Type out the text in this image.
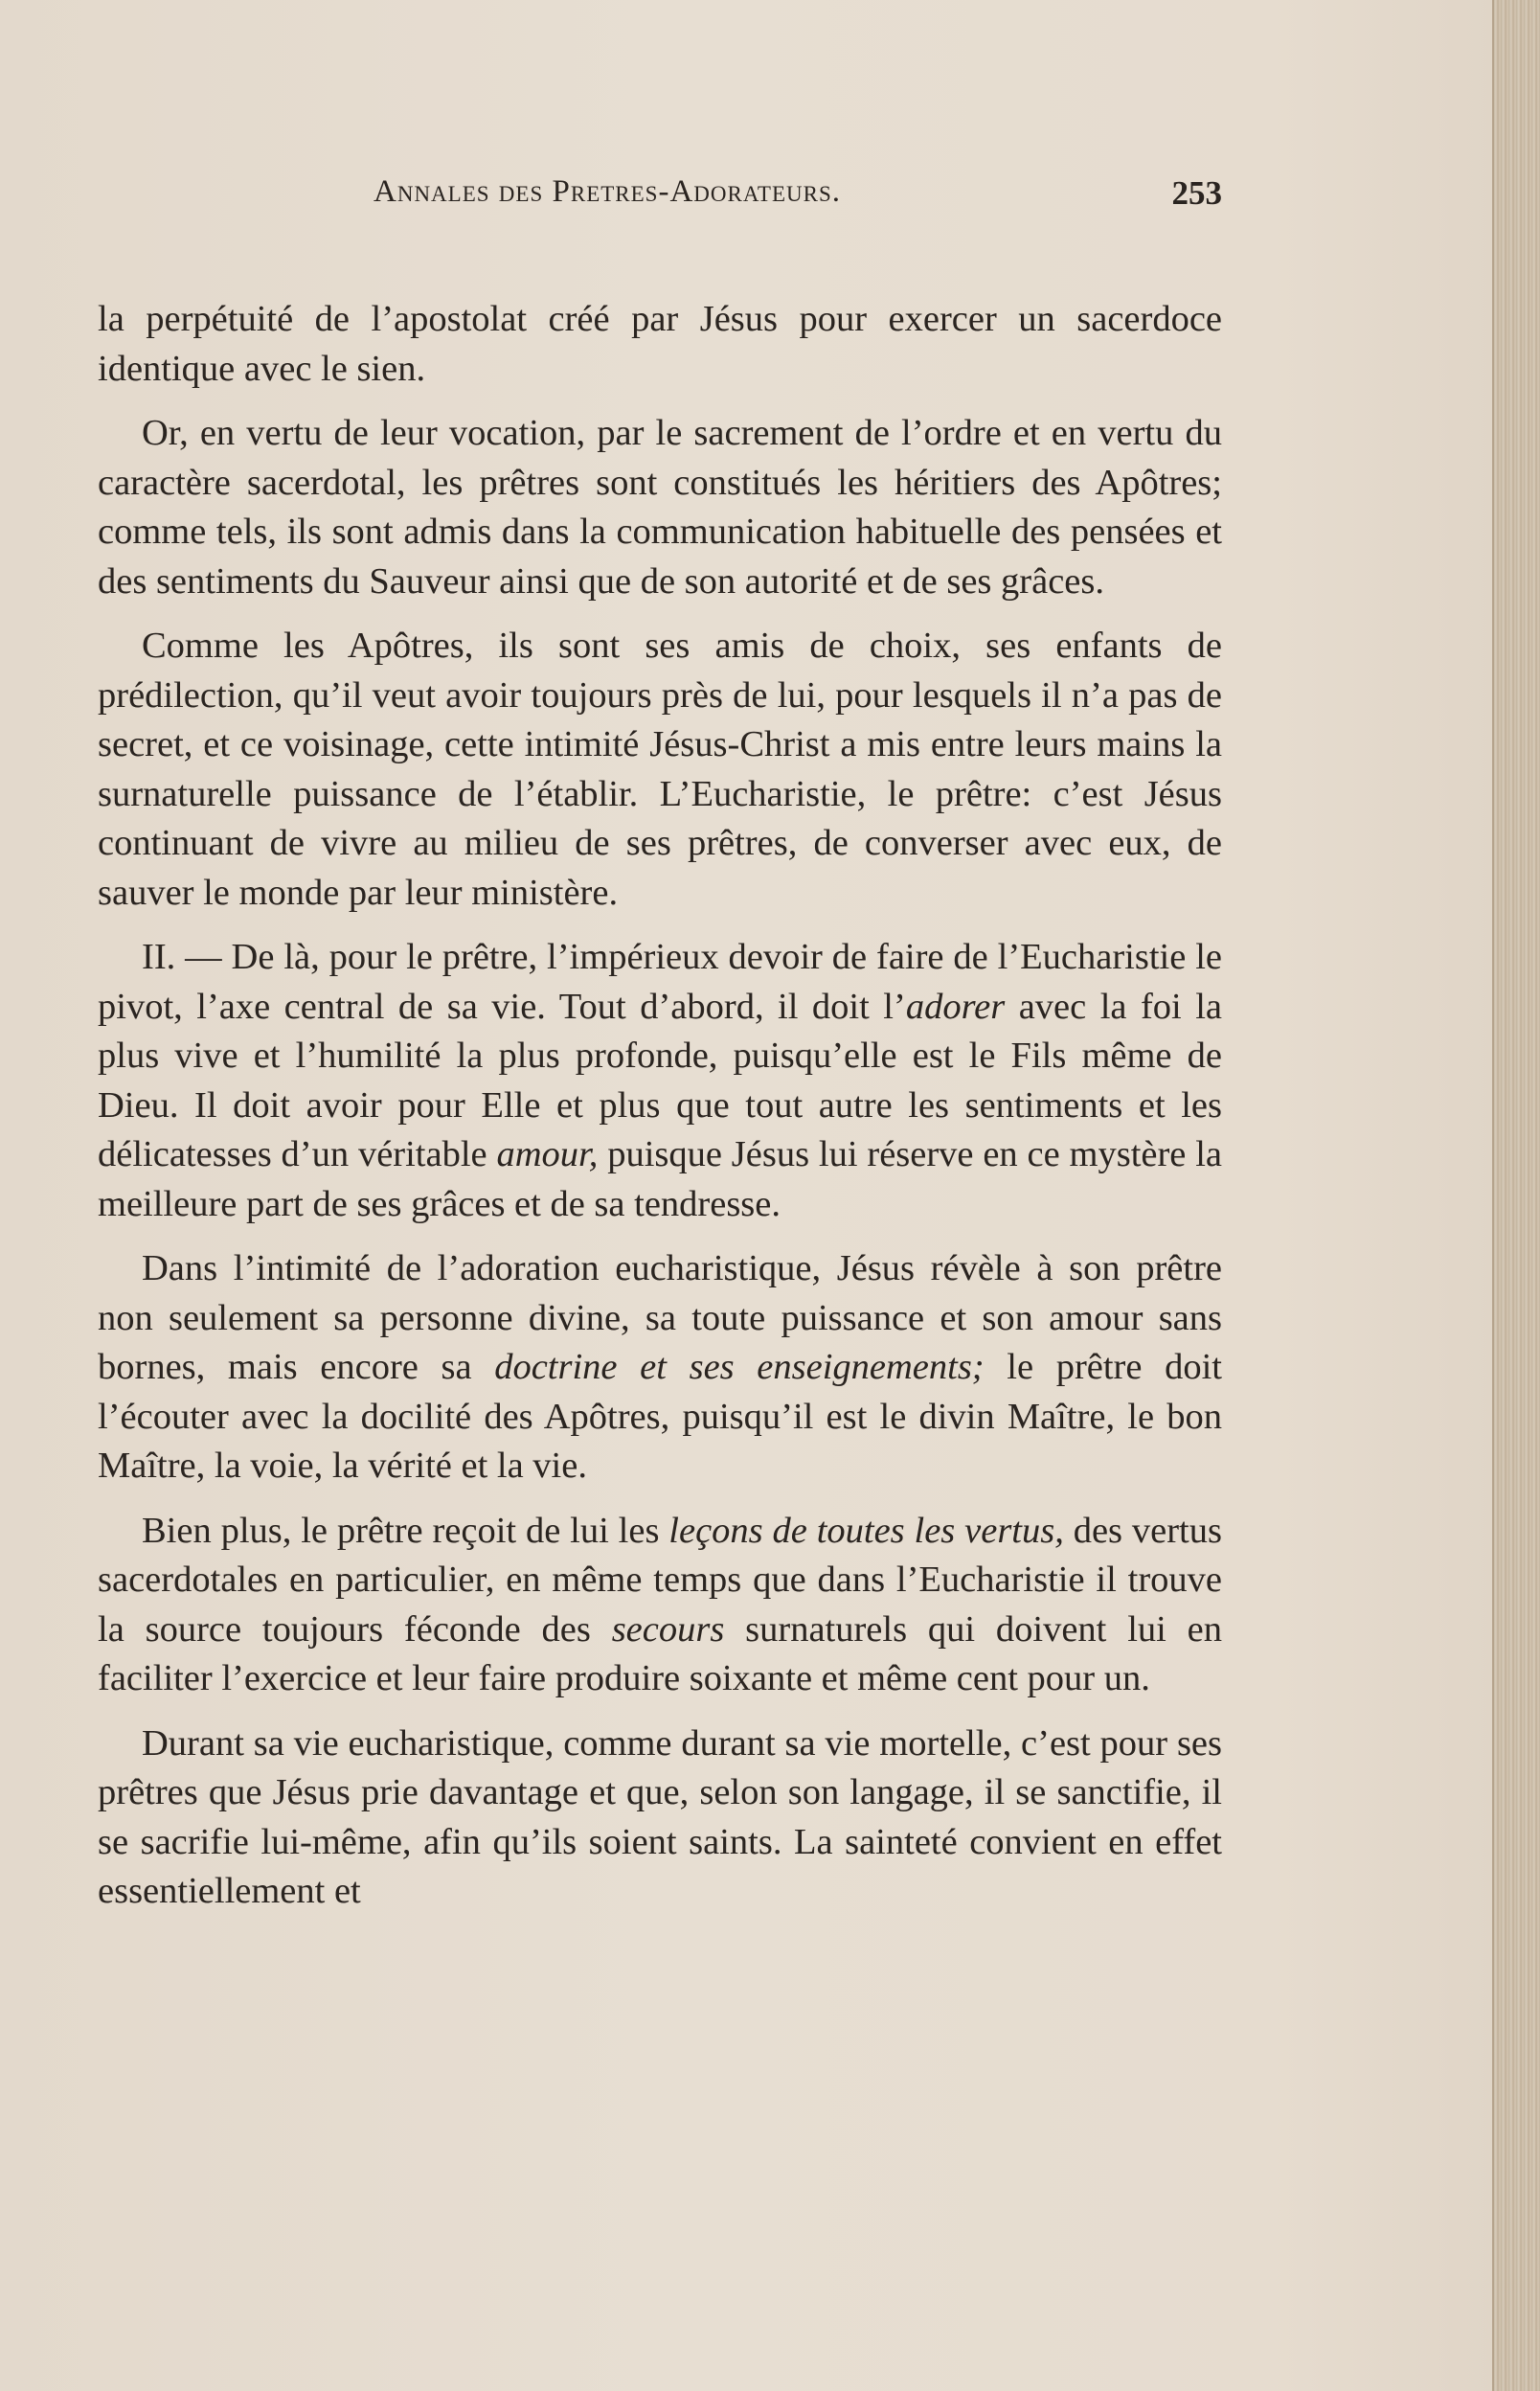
Annales des Pretres-Adorateurs.	253

la perpétuité de l’apostolat créé par Jésus pour exercer un sacerdoce identique avec le sien.

Or, en vertu de leur vocation, par le sacrement de l’ordre et en vertu du caractère sacerdotal, les prêtres sont constitués les héritiers des Apôtres; comme tels, ils sont admis dans la communication habituelle des pensées et des sentiments du Sauveur ainsi que de son autorité et de ses grâces.

Comme les Apôtres, ils sont ses amis de choix, ses enfants de prédilection, qu’il veut avoir toujours près de lui, pour lesquels il n’a pas de secret, et ce voisinage, cette intimité Jésus-Christ a mis entre leurs mains la surnaturelle puissance de l’établir. L’Eucharistie, le prêtre: c’est Jésus continuant de vivre au milieu de ses prêtres, de converser avec eux, de sauver le monde par leur ministère.

II. — De là, pour le prêtre, l’impérieux devoir de faire de l’Eucharistie le pivot, l’axe central de sa vie. Tout d’abord, il doit l’adorer avec la foi la plus vive et l’humilité la plus profonde, puisqu’elle est le Fils même de Dieu. Il doit avoir pour Elle et plus que tout autre les sentiments et les délicatesses d’un véritable amour, puisque Jésus lui réserve en ce mystère la meilleure part de ses grâces et de sa tendresse.

Dans l’intimité de l’adoration eucharistique, Jésus révèle à son prêtre non seulement sa personne divine, sa toute puissance et son amour sans bornes, mais encore sa doctrine et ses enseignements; le prêtre doit l’écouter avec la docilité des Apôtres, puisqu’il est le divin Maître, le bon Maître, la voie, la vérité et la vie.

Bien plus, le prêtre reçoit de lui les leçons de toutes les vertus, des vertus sacerdotales en particulier, en même temps que dans l’Eucharistie il trouve la source toujours féconde des secours surnaturels qui doivent lui en faciliter l’exercice et leur faire produire soixante et même cent pour un.

Durant sa vie eucharistique, comme durant sa vie mortelle, c’est pour ses prêtres que Jésus prie davantage et que, selon son langage, il se sanctifie, il se sacrifie lui-même, afin qu’ils soient saints. La sainteté convient en effet essentiellement et
